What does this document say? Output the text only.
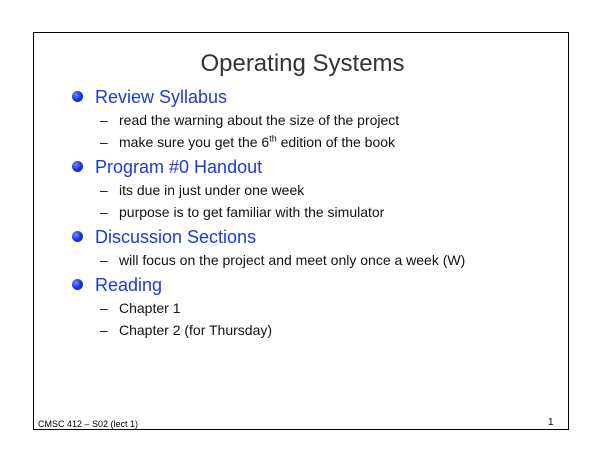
Operating Systems
Review Syllabus
– read the warning about the size of the project
– make sure you get the 6th edition of the book
Program #0 Handout
– its due in just under one week
– purpose is to get familiar with the simulator
Discussion Sections
– will focus on the project and meet only once a week (W)
Reading
– Chapter 1
– Chapter 2 (for Thursday)
CMSC 412 – S02 (lect 1)	1
